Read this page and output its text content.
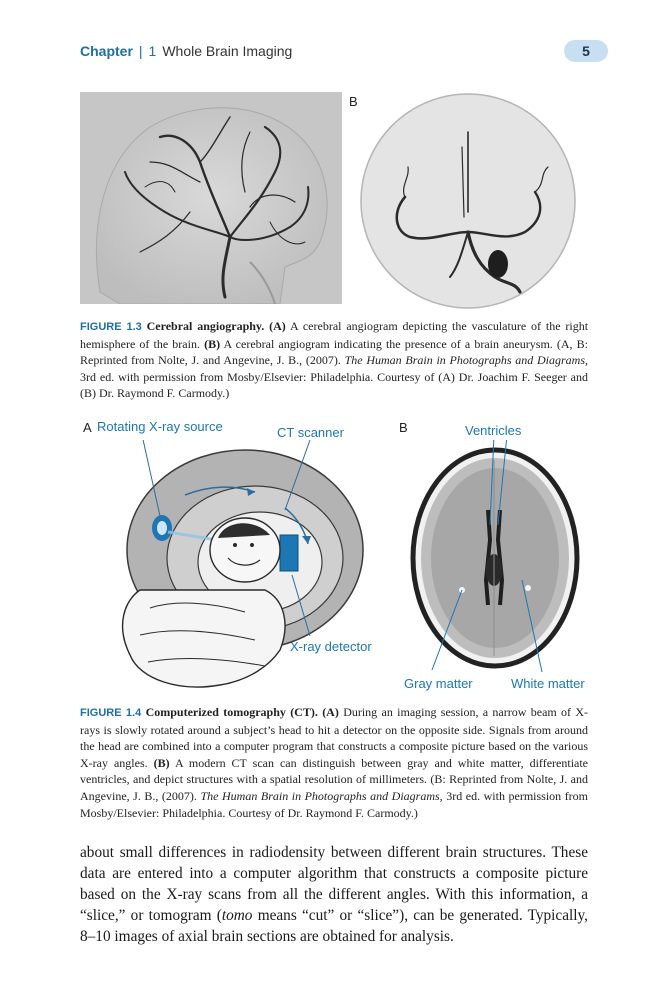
Chapter | 1 Whole Brain Imaging	5
B
FIGURE 1.3 Cerebral angiography. (A) A cerebral angiogram depicting the vasculature of the right hemisphere of the brain. (B) A cerebral angiogram indicating the presence of a brain aneurysm. (A, B: Reprinted from Nolte, J. and Angevine, J. B., (2007). The Human Brain in Photographs and Diagrams, 3rd ed. with permission from Mosby/Elsevier: Philadelphia. Courtesy of (A) Dr. Joachim F. Seeger and (B) Dr. Raymond F. Carmody.)
A	B
Rotating X-ray source	CT scanner
X-ray detector
Ventricles
Gray matter	White matter
FIGURE 1.4 Computerized tomography (CT). (A) During an imaging session, a narrow beam of X-rays is slowly rotated around a subject’s head to hit a detector on the opposite side. Signals from around the head are combined into a computer program that constructs a composite picture based on the various X-ray angles. (B) A modern CT scan can distinguish between gray and white matter, differentiate ventricles, and depict structures with a spatial resolution of millimeters. (B: Reprinted from Nolte, J. and Angevine, J. B., (2007). The Human Brain in Photographs and Diagrams, 3rd ed. with permission from Mosby/Elsevier: Philadelphia. Courtesy of Dr. Raymond F. Carmody.)
about small differences in radiodensity between different brain structures. These data are entered into a computer algorithm that constructs a composite picture based on the X-ray scans from all the different angles. With this information, a “slice,” or tomogram (tomo means “cut” or “slice”), can be generated. Typically, 8–10 images of axial brain sections are obtained for analysis.
